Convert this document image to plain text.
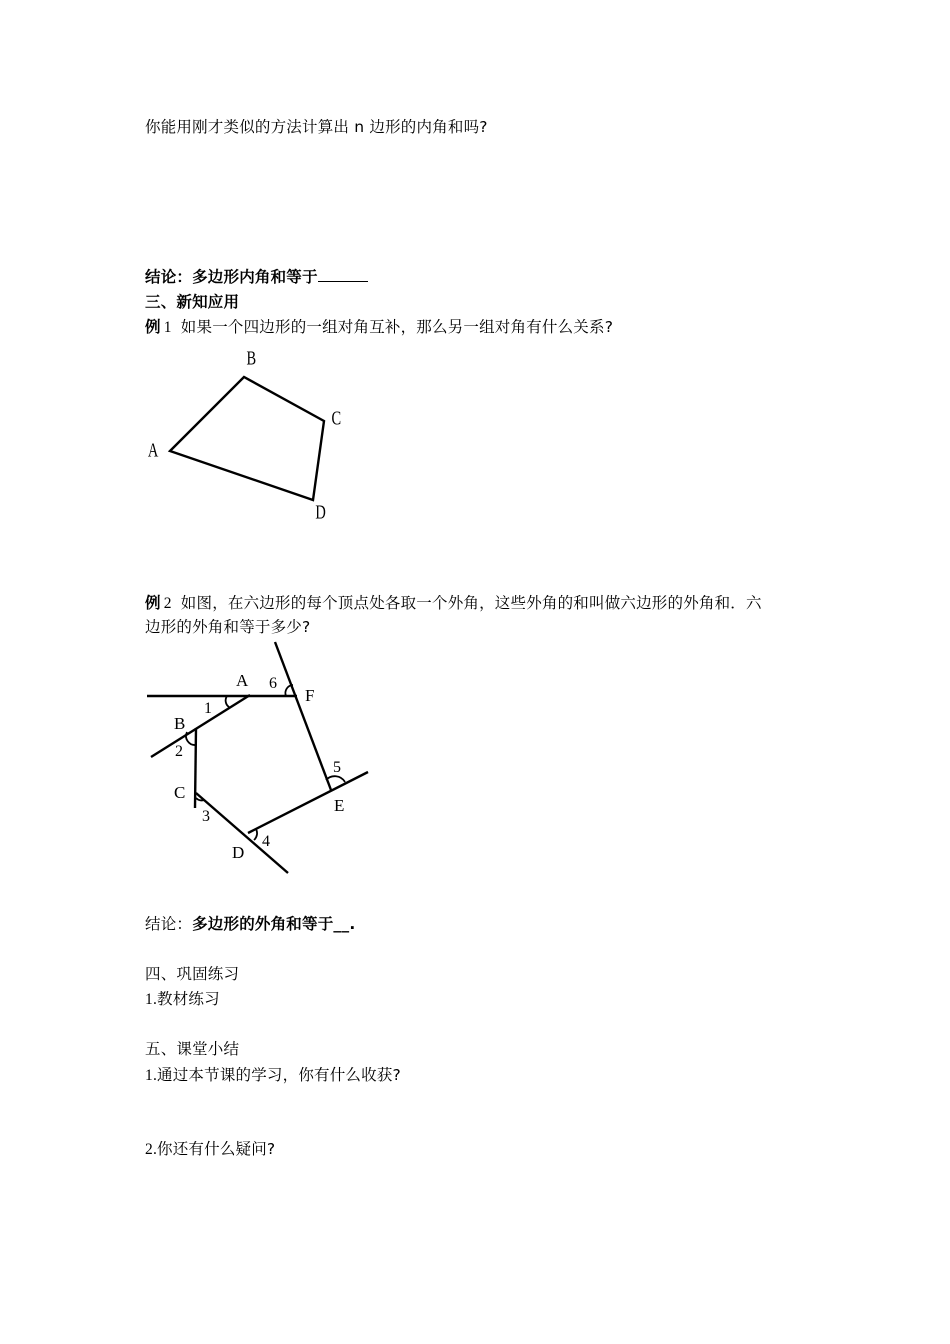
你能用刚才类似的方法计算出 n 边形的内角和吗?
结论：多边形内角和等于
三、新知应用
例 1 如果一个四边形的一组对角互补，那么另一组对角有什么关系?
A
B
C
D
例 2 如图，在六边形的每个顶点处各取一个外角，这些外角的和叫做六边形的外角和．六
边形的外角和等于多少?
A
B
C
D
E
F
1
2
3
4
5
6
结论：多边形的外角和等于__.
四、巩固练习
1.教材练习
五、课堂小结
1.通过本节课的学习，你有什么收获?
2.你还有什么疑问?
